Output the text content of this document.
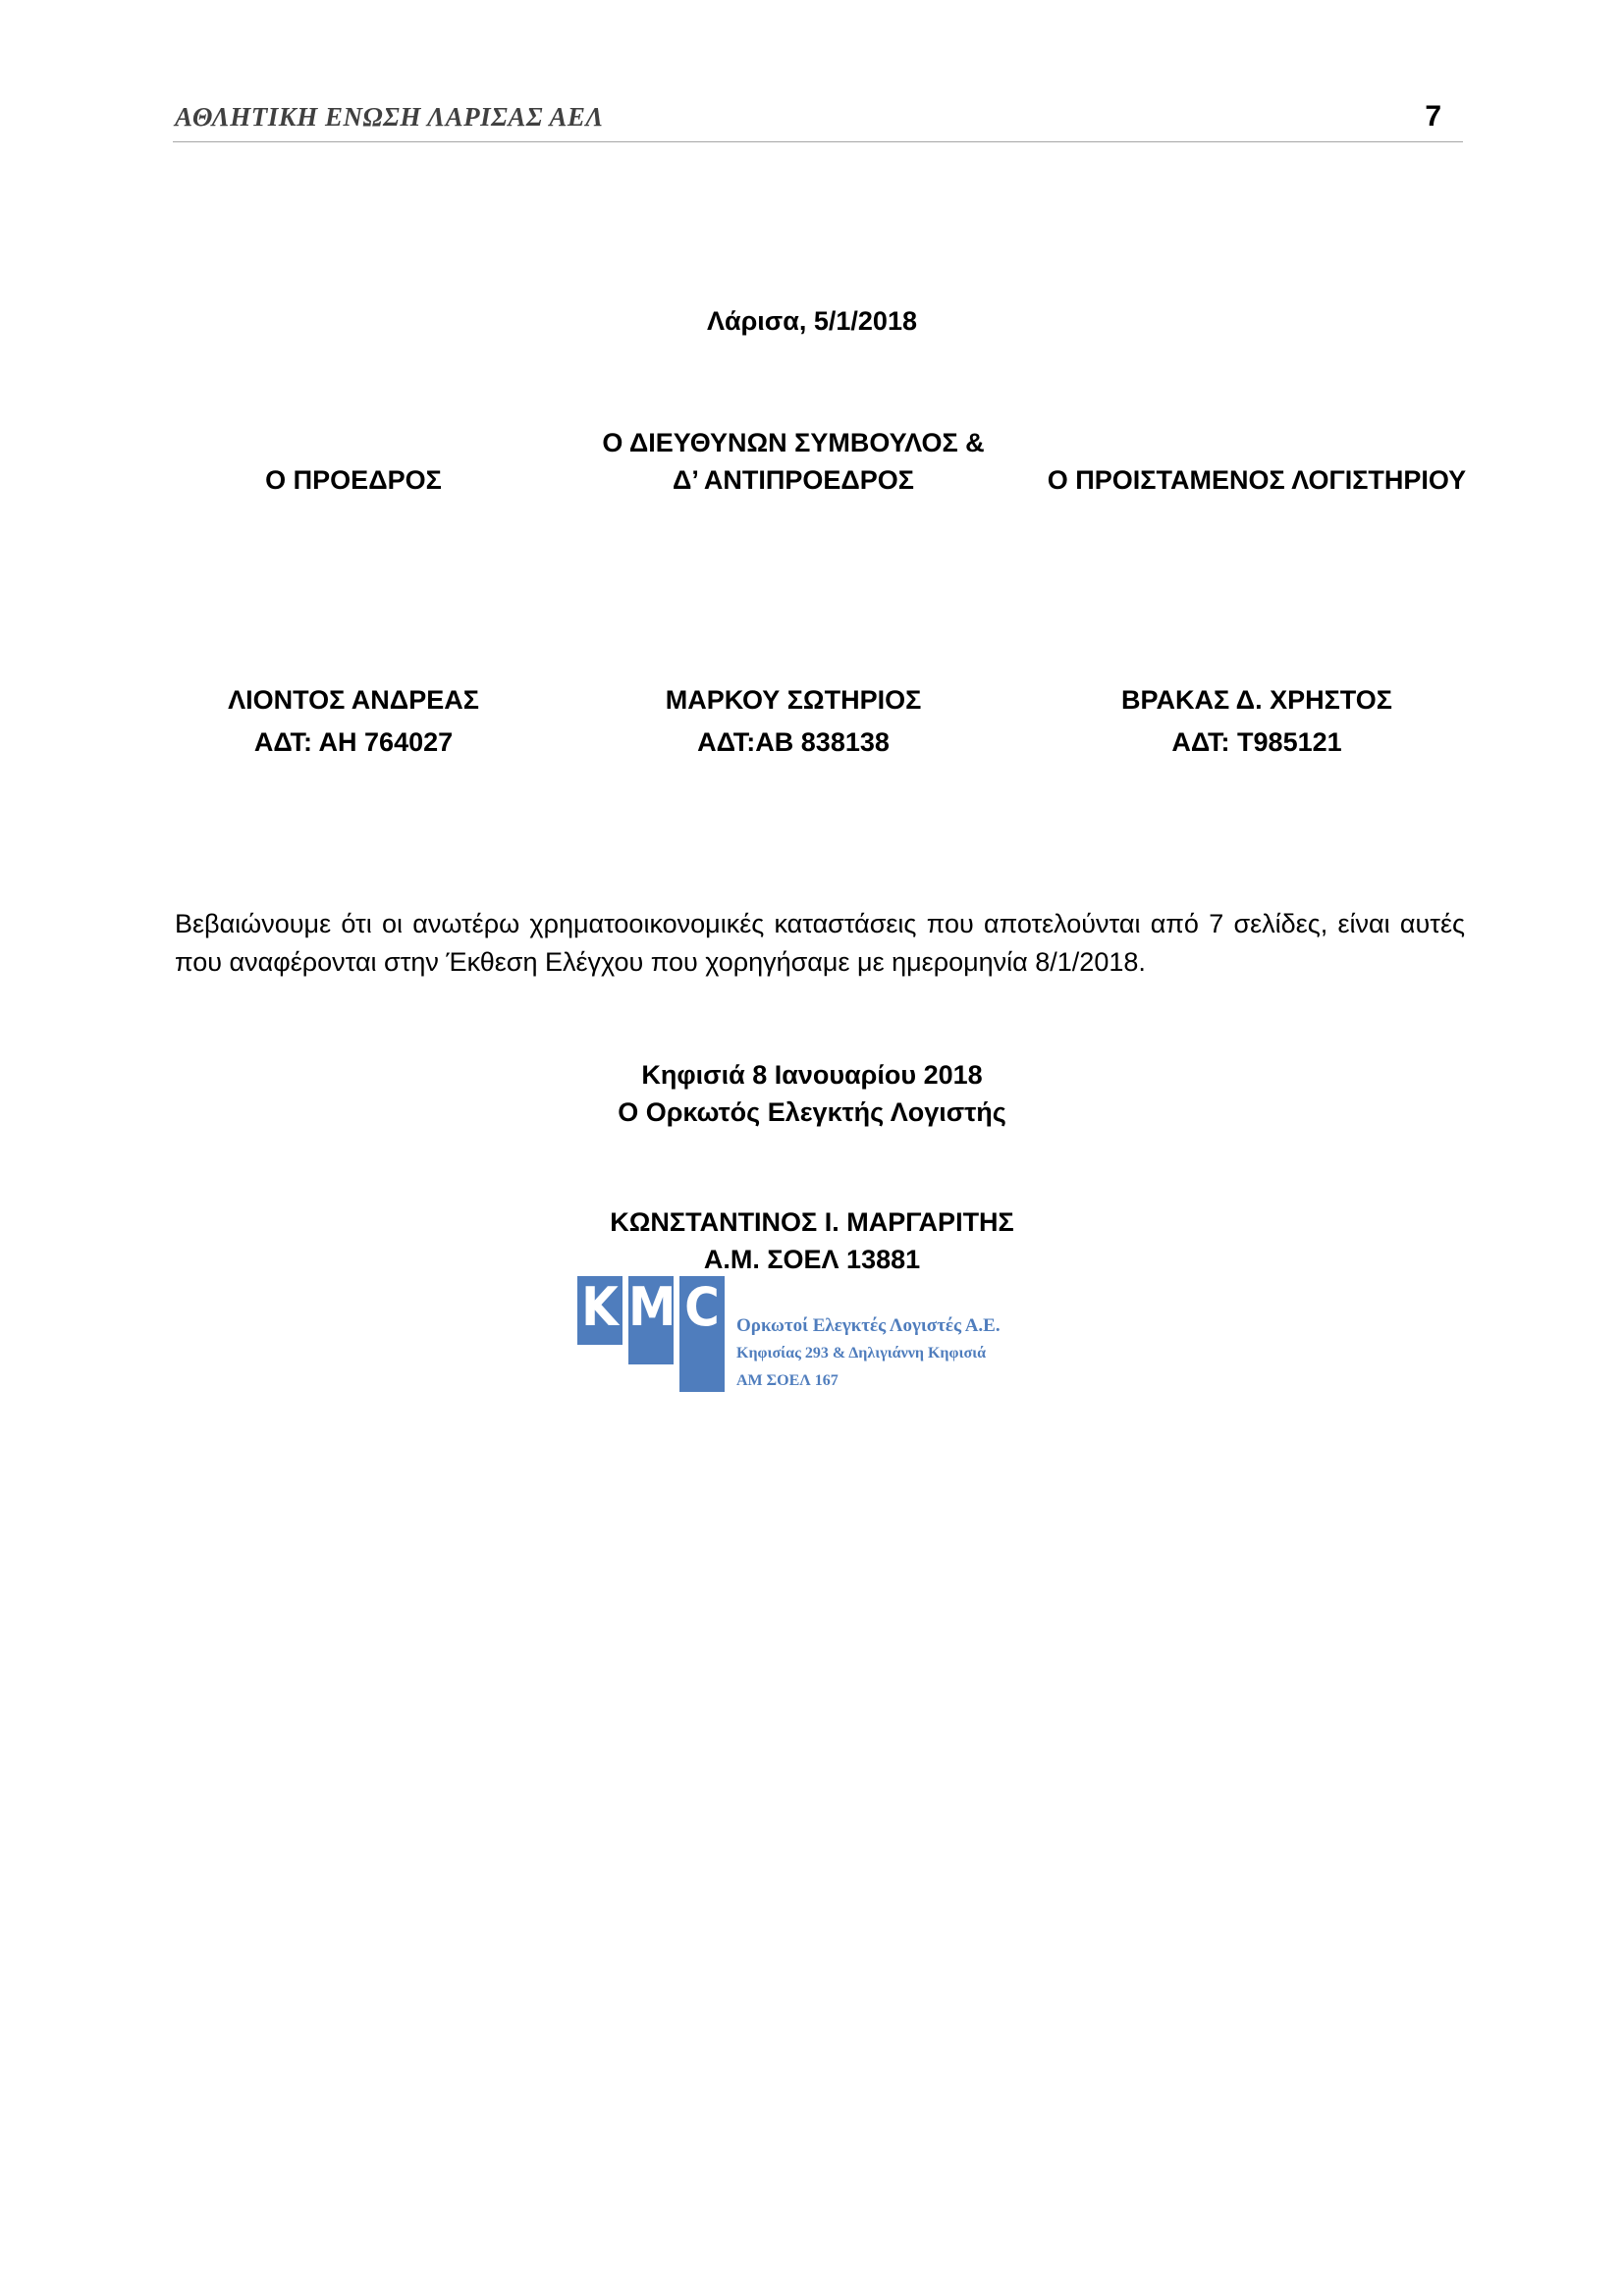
ΑΘΛΗΤΙΚΗ ΕΝΩΣΗ ΛΑΡΙΣΑΣ ΑΕΛ	7
Λάρισα, 5/1/2018
Ο ΠΡΟΕΔΡΟΣ
Ο ΔΙΕΥΘΥΝΩΝ ΣΥΜΒΟΥΛΟΣ &
Δ’ ΑΝΤΙΠΡΟΕΔΡΟΣ	Ο ΠΡΟΙΣΤΑΜΕΝΟΣ ΛΟΓΙΣΤΗΡΙΟΥ
ΛΙΟΝΤΟΣ ΑΝΔΡΕΑΣ
ΑΔΤ: ΑΗ 764027
ΜΑΡΚΟΥ ΣΩΤΗΡΙΟΣ
ΑΔΤ:ΑΒ 838138
ΒΡΑΚΑΣ Δ. ΧΡΗΣΤΟΣ
ΑΔΤ: Τ985121
Βεβαιώνουμε ότι οι ανωτέρω χρηματοοικονομικές καταστάσεις που αποτελούνται από 7 σελίδες, είναι αυτές που αναφέρονται στην Έκθεση Ελέγχου που χορηγήσαμε με ημερομηνία 8/1/2018.
Κηφισιά 8 Ιανουαρίου 2018
Ο Ορκωτός Ελεγκτής Λογιστής
ΚΩΝΣΤΑΝΤΙΝΟΣ Ι. ΜΑΡΓΑΡΙΤΗΣ
Α.Μ. ΣΟΕΛ 13881
K M C Ορκωτοί Ελεγκτές Λογιστές Α.Ε.
Κηφισίας 293 & Δηλιγιάννη Κηφισιά
ΑΜ ΣΟΕΛ 167
